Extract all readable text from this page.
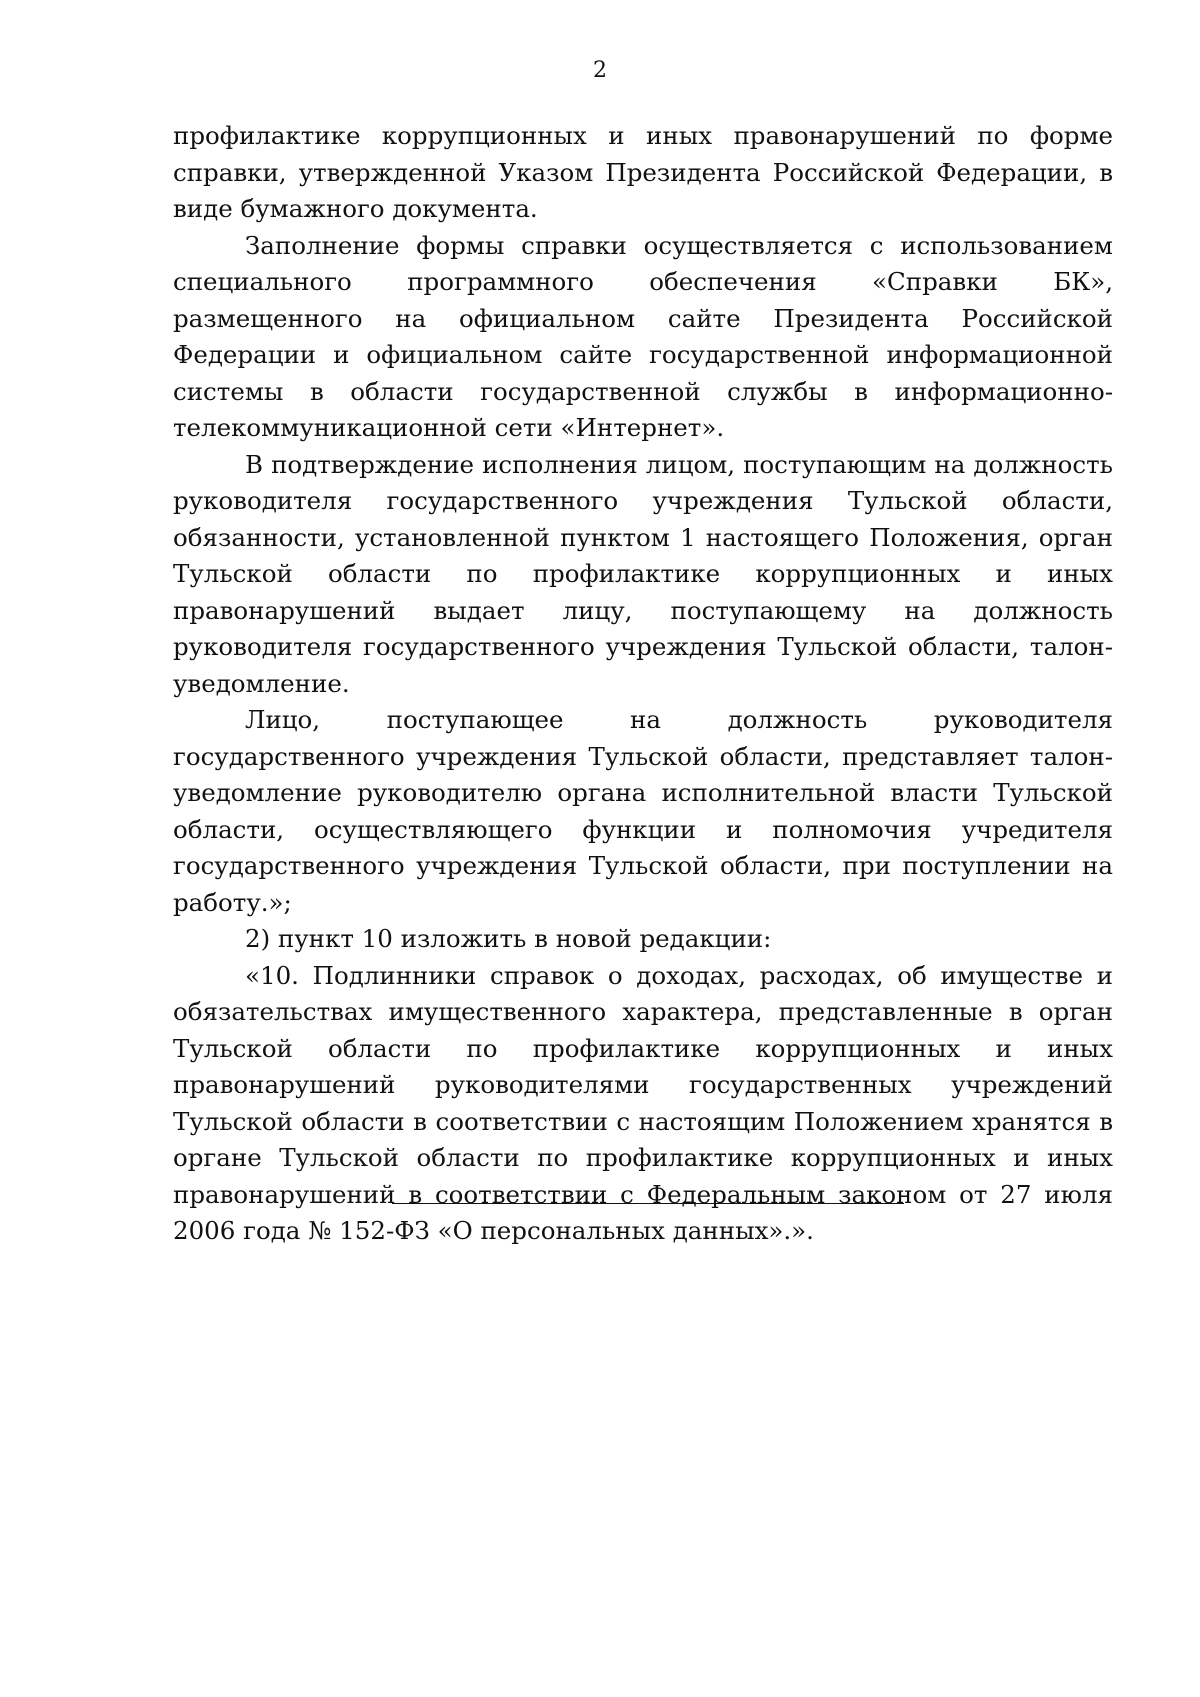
2

профилактике коррупционных и иных правонарушений по форме справки, утвержденной Указом Президента Российской Федерации, в виде бумажного документа.

Заполнение формы справки осуществляется с использованием специального программного обеспечения «Справки БК», размещенного на официальном сайте Президента Российской Федерации и официальном сайте государственной информационной системы в области государственной службы в информационно-телекоммуникационной сети «Интернет».

В подтверждение исполнения лицом, поступающим на должность руководителя государственного учреждения Тульской области, обязанности, установленной пунктом 1 настоящего Положения, орган Тульской области по профилактике коррупционных и иных правонарушений выдает лицу, поступающему на должность руководителя государственного учреждения Тульской области, талон-уведомление.

Лицо, поступающее на должность руководителя государственного учреждения Тульской области, представляет талон-уведомление руководителю органа исполнительной власти Тульской области, осуществляющего функции и полномочия учредителя государственного учреждения Тульской области, при поступлении на работу.»;

2) пункт 10 изложить в новой редакции:

«10. Подлинники справок о доходах, расходах, об имуществе и обязательствах имущественного характера, представленные в орган Тульской области по профилактике коррупционных и иных правонарушений руководителями государственных учреждений Тульской области в соответствии с настоящим Положением хранятся в органе Тульской области по профилактике коррупционных и иных правонарушений в соответствии с Федеральным законом от 27 июля 2006 года № 152-ФЗ «О персональных данных».».
